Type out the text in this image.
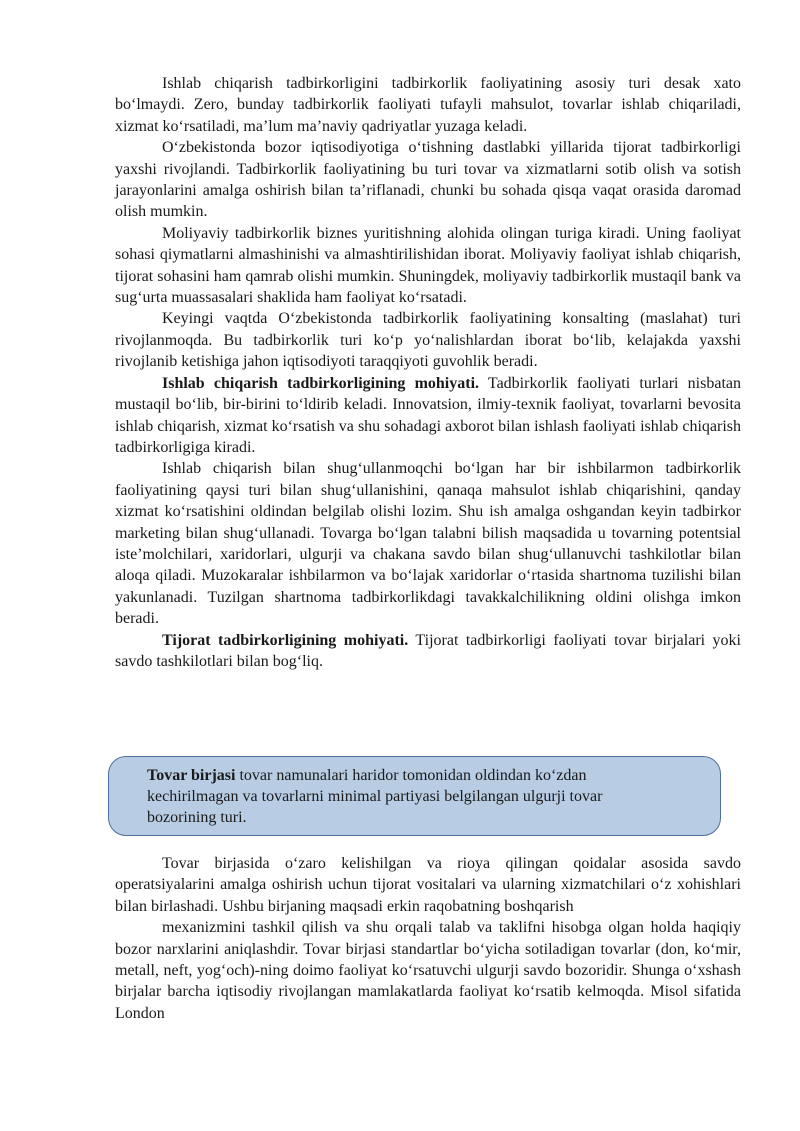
Ishlab chiqarish tadbirkorligini tadbirkorlik faoliyatining asosiy turi desak xato bo‘lmaydi. Zero, bunday tadbirkorlik faoliyati tufayli mahsulot, tovarlar ishlab chiqariladi, xizmat ko‘rsatiladi, ma’lum ma’naviy qadriyatlar yuzaga keladi.

O‘zbekistonda bozor iqtisodiyotiga o‘tishning dastlabki yillarida tijorat tadbirkorligi yaxshi rivojlandi. Tadbirkorlik faoliyatining bu turi tovar va xizmatlarni sotib olish va sotish jarayonlarini amalga oshirish bilan ta’riflanadi, chunki bu sohada qisqa vaqat orasida daromad olish mumkin.

Moliyaviy tadbirkorlik biznes yuritishning alohida olingan turiga kiradi. Uning faoliyat sohasi qiymatlarni almashinishi va almashtirilishidan iborat. Moliyaviy faoliyat ishlab chiqarish, tijorat sohasini ham qamrab olishi mumkin. Shuningdek, moliyaviy tadbirkorlik mustaqil bank va sug‘urta muassasalari shaklida ham faoliyat ko‘rsatadi.

Keyingi vaqtda O‘zbekistonda tadbirkorlik faoliyatining konsalting (maslahat) turi rivojlanmoqda. Bu tadbirkorlik turi ko‘p yo‘nalishlardan iborat bo‘lib, kelajakda yaxshi rivojlanib ketishiga jahon iqtisodiyoti taraqqiyoti guvohlik beradi.

Ishlab chiqarish tadbirkorligining mohiyati. Tadbirkorlik faoliyati turlari nisbatan mustaqil bo‘lib, bir-birini to‘ldirib keladi. Innovatsion, ilmiy-texnik faoliyat, tovarlarni bevosita ishlab chiqarish, xizmat ko‘rsatish va shu sohadagi axborot bilan ishlash faoliyati ishlab chiqarish tadbirkorligiga kiradi.

Ishlab chiqarish bilan shug‘ullanmoqchi bo‘lgan har bir ishbilarmon tadbirkorlik faoliyatining qaysi turi bilan shug‘ullanishini, qanaqa mahsulot ishlab chiqarishini, qanday xizmat ko‘rsatishini oldindan belgilab olishi lozim. Shu ish amalga oshgandan keyin tadbirkor marketing bilan shug‘ullanadi. Tovarga bo‘lgan talabni bilish maqsadida u tovarning potentsial iste’molchilari, xaridorlari, ulgurji va chakana savdo bilan shug‘ullanuvchi tashkilotlar bilan aloqa qiladi. Muzokaralar ishbilarmon va bo‘lajak xaridorlar o‘rtasida shartnoma tuzilishi bilan yakunlanadi. Tuzilgan shartnoma tadbirkorlikdagi tavakkalchilikning oldini olishga imkon beradi.

Tijorat tadbirkorligining mohiyati. Tijorat tadbirkorligi faoliyati tovar birjalari yoki savdo tashkilotlari bilan bog‘liq.

Tovar birjasi tovar namunalari haridor tomonidan oldindan ko‘zdan kechirilmagan va tovarlarni minimal partiyasi belgilangan ulgurji tovar bozorining turi.

Tovar birjasida o‘zaro kelishilgan va rioya qilingan qoidalar asosida savdo operatsiyalarini amalga oshirish uchun tijorat vositalari va ularning xizmatchilari o‘z xohishlari bilan birlashadi. Ushbu birjaning maqsadi erkin raqobatning boshqarish

mexanizmini tashkil qilish va shu orqali talab va taklifni hisobga olgan holda haqiqiy bozor narxlarini aniqlashdir. Tovar birjasi standartlar bo‘yicha sotiladigan tovarlar (don, ko‘mir, metall, neft, yog‘och)-ning doimo faoliyat ko‘rsatuvchi ulgurji savdo bozoridir. Shunga o‘xshash birjalar barcha iqtisodiy rivojlangan mamlakatlarda faoliyat ko‘rsatib kelmoqda. Misol sifatida London
